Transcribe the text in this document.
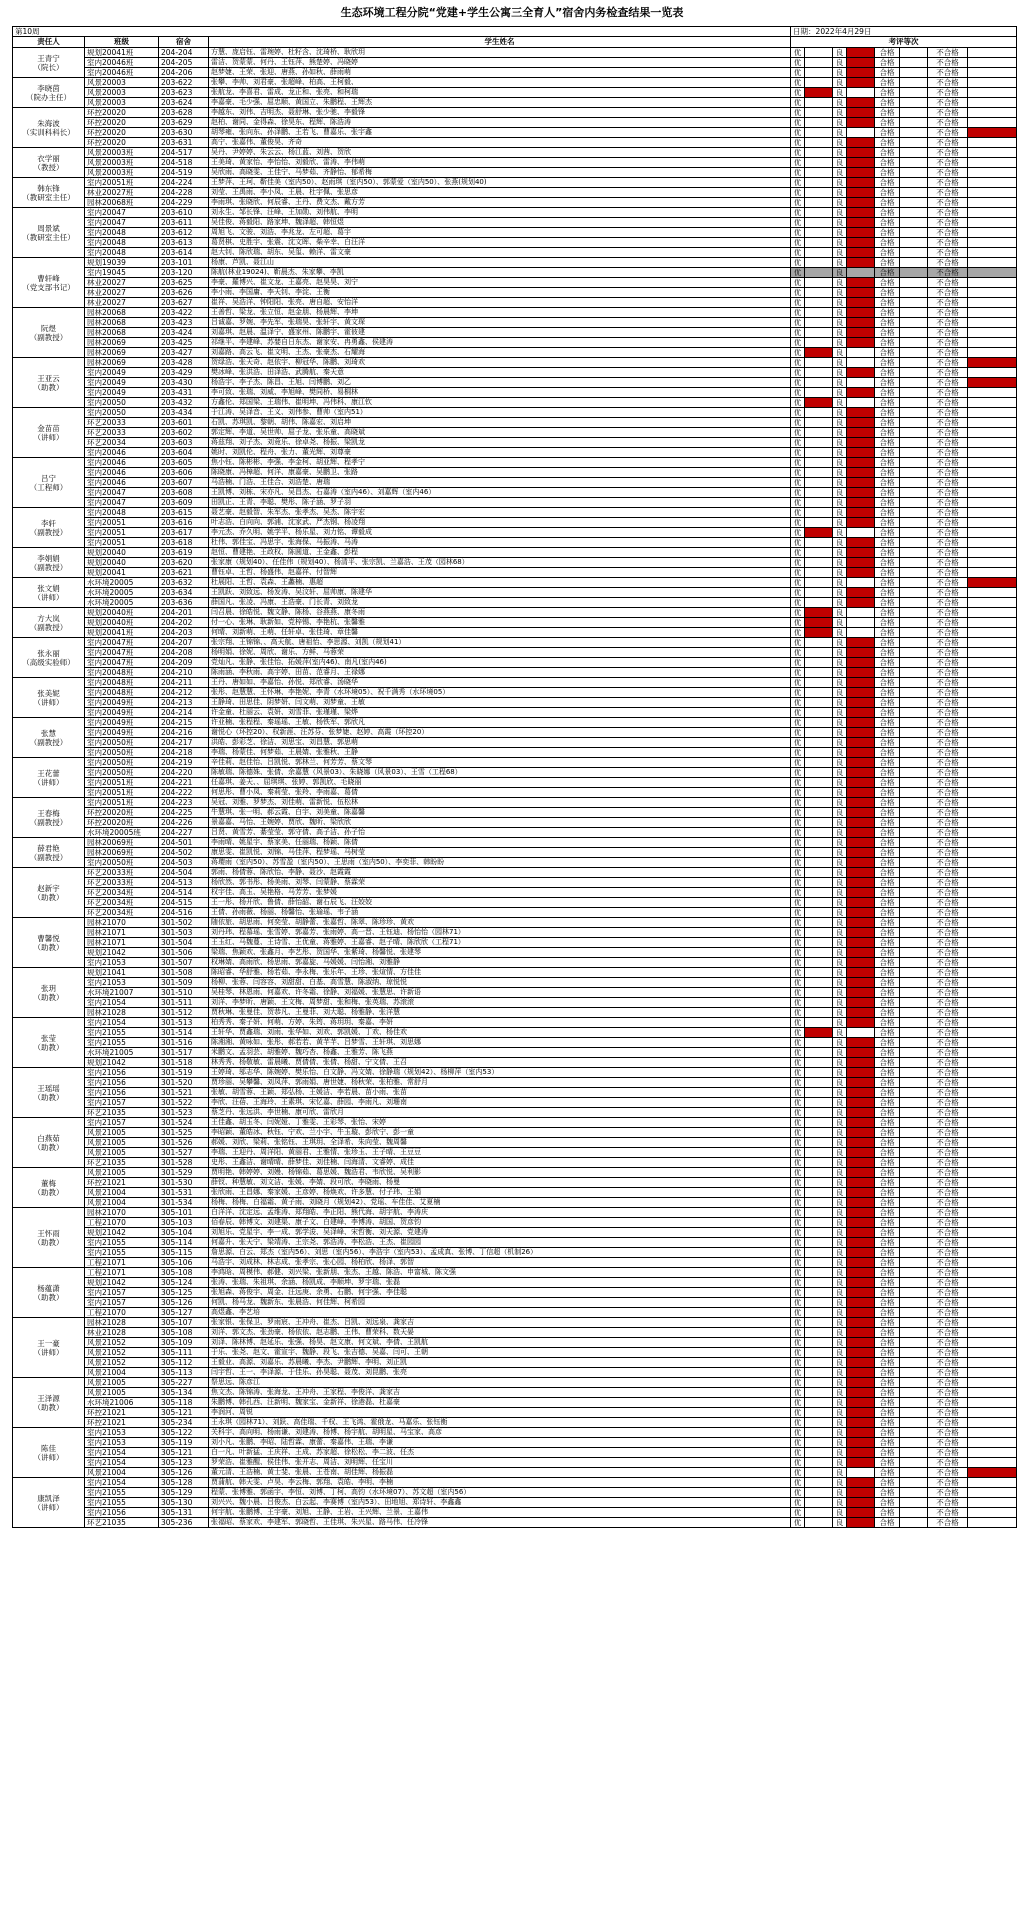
生态环境工程分院“党建+学生公寓三全育人”宿舍内务检查结果一览表
第10周				日期：2022年4月29日								
责任人	班级	宿舍	学生姓名	考评等次	
王青宁
（院长）	规划20041班	204-204	方慧、庞启钰、雷琬婷、杜籽含、沈琦桥、耿欣玥	优		良		合格		不合格		
	室内20046班	204-205	雷洁、贺蒙蒙、何丹、王钰萍、熊楚婷、冯晓婷	优		良		合格		不合格		
	室内20046班	204-206	赵梦婕、王荣、张迎、唐燕、孙如秋、薛雨萌	优		良		合格		不合格		
李晓茵
（院办主任）	风景20003	203-622	张攀、李帅、刘君豪、张超峰、柏高、王柯毅、	优		良		合格		不合格		
	风景20003	203-623	张航龙、李喜君、雷成、龙正和、张亮、和柯瑞	优		良		合格		不合格		
	风景20003	203-624	李嘉豪、毛少强、屈忠顺、黄国立、朱鹏程、王辉杰	优		良		合格		不合格		
朱海波
（实训科科长）	环控20020	203-628	李越东、刘伟、吉明杰、聂舒琳、张少驰、李毅锋	优		良		合格		不合格		
	环控20020	203-629	赵柏、谢同、金得森、徐昊东、程辉、陈浩涛	优		良		合格		不合格		
	环控20020	203-630	胡琴雍、张向东、孙泽鹏、王若飞、曹嘉乐、张宇鑫	优		良		合格		不合格		
	环控20020	203-631	高宁、张嘉伟、董俊昊、齐奇	优		良		合格		不合格		
衣学丽
（教授）	风景20003班	204-517	吴丹、尹婷婷、朱云云、杨江蓝、刘茜、贺欣	优		良		合格		不合格		
	风景20003班	204-518	王美琦、黄家怡、李怡怡、刘毅欣、雷涛、李伟萌	优		良		合格		不合格		
	风景20003班	204-519	吴欣雨、高晓雯、王佳宁、马梦茹、齐静怡、郁希梅	优		良		合格		不合格		
韩东锋
（教研室主任）	室内20051班	204-224	王梦萍、王珂、靳佳美（室内50）、赵雨琪（室内50）、郭蒙爱（室内50）、张燕(规划40)	优		良		合格		不合格		
	林业20027班	204-228	刘莹、王禹雨、李小凤、王晨、杜宇佩、张思彦	优		良		合格		不合格		
	园林20068班	204-229	李雨琪、张晓欣、何辰睿、王丹、费文杰、戴方芳	优		良		合格		不合格		
周景斌
（教研室主任）	室内20047	203-610	刘永生、邹长锋、汪峰、王加勋、刘伟航、李明	优		良		合格		不合格		
	室内20047	203-611	吴佳俊、蒋毅阳、路家坤、魏泽超、韩恒煜	优		良		合格		不合格		
	室内20048	203-612	周旭飞、文骏、刘浩、李兆龙、左可超、葛宇	优		良		合格		不合格		
	室内20048	203-613	葛贤棋、史胜宇、张震、沈文晖、柴辛幸、白汪洋	优		良		合格		不合格		
	室内20048	203-614	赵大钊、陈欣瑞、胡东、吴玺、赖洋、雷文豪	优		良		合格		不合格		
曹轩峰
（党支部书记）	规划19039	203-101	杨康、芦凯、聂江山	优		良		合格		不合格		
	室内19045	203-120	陈航(林业19024)、靳晨杰、朱家攀、李凯	优		良		合格		不合格		
	林业20027	203-625	李豪、羅博兴、崔文龙、王嘉亮、赵昊昊、刘宁	优		良		合格		不合格		
	林业20027	203-626	李小雨、李国庸、李天钊、李淀、王衡	优		良		合格		不合格		
	林业20027	203-627	崔祥、吴浩洋、钟阳阳、张亮、唐自超、安怡洋	优		良		合格		不合格		
阮煜
（副教授）	园林20068	203-422	王善哲、梁龙、张立恒、赵金朋、杨晨辉、李坤	优		良		合格		不合格		
	园林20068	203-423	吕诚嘉、罗婉、李先军、张瑞昊、张轩宇、黄文琛	优		良		合格		不合格		
	园林20068	203-424	刘嘉琪、赵晨、温泽宁、盛家州、陈鹏宇、霍彼建	优		良		合格		不合格		
	园林20069	203-425	祁继平、李建峰、苏婪自日东杰、谢家安、冉勇鑫、侯建涛	优		良		合格		不合格		
	园林20069	203-427	刘嘉路、高云飞、崔文明、王杰、张豪杰、石耀海	优		良		合格		不合格		
王亚云
（助教）	园林20069	203-428	贺绿浩、张天奇、赵依宇、柳冠华、陈鹏、刘琦欢	优		良		合格		不合格		
	室内20049	203-429	樊冰峰、张洪浩、田泽浩、武腾航、秦天意	优		良		合格		不合格		
	室内20049	203-430	杨浩宇、李子杰、陈昌、王旭、闫博鹏、刘乙	优		良		合格		不合格		
	室内20049	203-431	李可致、张瑞、刘威、李旭峰、樊同桥、易桐林	优		良		合格		不合格		
	室内20050	203-432	方鑫伦、郑国梁、王瑞伟、崔明坤、冯伟科、康江钦	优		良		合格		不合格		
金苗苗
（讲师）	室内20050	203-434	于江涛、吴泽音、王义、刘伟参、曹帅（室内51）	优		良		合格		不合格		
	环艺20033	203-601	石凯、苏琪凯、黎朝、胡伟、陈嘉宏、刘启坤	优		良		合格		不合格		
	环艺20033	203-602	郭定辉、李道、吴世帅、屈子龙、张乐童、高晓斌	优		良		合格		不合格		
	环艺20034	203-603	蒋兹翔、刘子杰、刘竟乐、徐卓尧、杨振、梁凯龙	优		良		合格		不合格		
	室内20046	203-604	姚时、刘凯伦、程舟、张力、董光辉、刘尊豪	优		良		合格		不合格		
吕宁
（工程师）	室内20046	203-605	焦小钰、陈彬彬、李强、李金柯、胡亚辉、程孝宁	优		良		合格		不合格		
	室内20046	203-606	陈晓康、冯樟超、何洋、康嘉豪、吴鹏卫、张路	优		良		合格		不合格		
	室内20046	203-607	马浩楠、门浩、王佳合、刘浩楚、唐瑞	优		良		合格		不合格		
	室内20047	203-608	王凯博、刘栋、宋亦凡、吴昌杰、石嘉涛（室内46）、刘嘉辉（室内46）	优		良		合格		不合格		
	室内20047	203-609	田凯正、王青、李聪、樊彤、陈子涵、罗子羽	优		良		合格		不合格		
李轩
（副教授）	室内20048	203-615	聂艺豪、赵毅智、朱军杰、张孝杰、吴杰、陈宇宏	优		良		合格		不合格		
	室内20051	203-616	叶志浩、白向向、郭浦、沈家武、严杰钢、杨凌翔	优		良		合格		不合格		
	室内20051	203-617	李元杰、乔久明、姚学平、杨乐星、刘力铭、谭毅成	优		良		合格		不合格		
	室内20051	203-618	杜伟、郭佳宝、冯思宇、张海保、马振涛、马涛	优		良		合格		不合格		
李娟娟
（副教授）	规划20040	203-619	赵恒、曹建艳、王政权、陈圆道、王金鑫、彭程	优		良		合格		不合格		
	规划20040	203-620	张家康（规划40）、任佳伟（规划40）、杨清平、张宗凯、兰嘉浩、王茂（园林68）	优		良		合格		不合格		
	规划20041	203-621	曹钰卓、王哲、杨盛伟、赵嘉祥、付智辉	优		良		合格		不合格		
张文娟
（讲师）	水环境20005	203-632	杜展阳、王哲、袁森、王蠡楠、惠超	优		良		合格		不合格		
	水环境20005	203-634	王凯跃、刘致远、杨发涛、吴汶轩、屈帅康、陈建华	优		良		合格		不合格		
	水环境20005	203-636	薛国凡、张凌、冯康、王浩豪、门长青、刘致龙	优		良		合格		不合格		
方大岚
（副教授）	规划20040班	204-201	闫召晨、徐皓悦、魏文静、陈杨、谷燕燕、康冬雨	优		良		合格		不合格		
	规划20040班	204-202	付一心、张琳、耿新如、党梓锡、李艳杭、张馨雅	优		良		合格		不合格		
	规划20041班	204-203	何晴、刘新萌、王萌、任轩卓、张佳琦、章佳馨	优		良		合格		不合格		
张永丽
（高级实验师）	室内20047班	204-207	张宗翔、王锦锦、、高天航、唐祖怡、李思源、刘凯（规划41）	优		良		合格		不合格		
	室内20047班	204-208	杨明娟、徐妮、周欣、谢乐、方鲜、马蓉荣	优		良		合格		不合格		
	室内20047班	204-209	党灿凡、张静、张佳怡、拓媛萍(室内46)、南凡(室内46)	优		良		合格		不合格		
	室内20048班	204-210	陈雨涵、李秋雨、高宇婷、田苗、范睿月、王禄娜	优		良		合格		不合格		
张美妮
（讲师）	室内20048班	204-211	王丹、唐如如、李嘉怡、孙悦、郑欣睿、汤晓华	优		良		合格		不合格		
	室内20048班	204-212	张彤、赵慧慧、王怀琳、李艳妮、李青（水环境05）、祝千满秀（水环境05）	优		良		合格		不合格		
	室内20049班	204-213	王静琦、田思佳、阴梦妍、闫文萌、刘梦童、王敏	优		良		合格		不合格		
	室内20049班	204-214	许金童、杜丽云、袁妍、刘雪菲、张瑾瑾、梁烨	优		良		合格		不合格		
张慧
（副教授）	室内20049班	204-215	许亚楠、张程程、秦瑶瑶、王敏、杨铁军、郭欣凡	优		良		合格		不合格		
	室内20049班	204-216	谢悦心（环控20）、权新涯、汪苏芬、张梦婕、赵婷、高霞（环控20）	优		良		合格		不合格		
	室内20050班	204-217	洪皓、彭彩芝、徐洁、刘思宝、刘昌慧、郭思萌	优		良		合格		不合格		
	室内20050班	204-218	李瑞、杨蒙佳、何梦茹、王晨婧、张雅秋、王静	优		良		合格		不合格		
王花蕾
（讲师）	室内20050班	204-219	辛佳莉、赵佳怡、吕凯悦、郭林兰、何芳芳、蔡文琴	优		良		合格		不合格		
	室内20050班	204-220	陈敏瑞、陈德姝、张倩、余嘉慧（风景03）、朱晓娜（风景03）、王雪（工程68）	优		良		合格		不合格		
	室内20051班	204-221	任嘉琪、姜天、、屈琪琪、张婷、郭凯欣、毛晓丽	优		良		合格		不合格		
	室内20051班	204-222	何思彤、曹小凤、秦莉莹、张羚、李雨嘉、葛倩	优		良		合格		不合格		
王春梅
（副教授）	室内20051班	204-223	吴冠、刘雅、罗梦杰、刘佳萌、雷新悦、伍松林	优		良		合格		不合格		
	环控20020班	204-225	牛慧琪、张一明、郝云霞、白宇、刘美童、陈嘉馨	优		良		合格		不合格		
	环控20020班	204-226	景嘉嘉、马怡、王婉婷、贾欣、魏昕、梁欣欣	优		良		合格		不合格		
	水环境20005班	204-227	吕贤、黄雪芳、綦莹莹、郭守倩、高子洁、孙子怡	优		良		合格		不合格		
薛君艳
（副教授）	园林20069班	204-501	李雨晴、姚星宇、蔡家美、任丽瑞、杨颖、陈倩	优		良		合格		不合格		
	园林20069班	204-502	康思雯、崔凯悦、刘锦、马佳萍、程梦瑶、马树莹	优		良		合格		不合格		
	室内20050班	204-503	蒋璎雨（室内50）、苏雪盈（室内50）、王思雨（室内50）、李奕菲、韩盼盼	优		良		合格		不合格		
赵新宇
（助教）	环艺20033班	204-504	郭雨、杨倩蓉、陈欣怡、李静、聂沙、赵霞霞	优		良		合格		不合格		
	环艺20033班	204-513	杨欣然、郭书彤、杨美雨、刘琴、闫蒙静、蔡霖荣	优		良		合格		不合格		
	环艺20034班	204-514	权宇佳、高玉、吴艳格、马芳芳、张梦媛	优		良		合格		不合格		
	环艺20034班	204-515	王一彤、杨开欣、鲁倩、薛怡韶、谢石辰飞、汪姣姣	优		良		合格		不合格		
	环艺20034班	204-516	王倩、孙雨薇、杨丽、杨馨怡、张瑜瑶、韦子涵	优		良		合格		不合格		
曹馨悦
（助教）	园林21070	301-502	随依旅、胡思雨、何奕莹、胡静蕾、张嘉哲、陈翠、陈珍珍、黄欢	优		良		合格		不合格		
	园林21071	301-503	刘丹玮、程慕瑶、张雪婷、郭嘉芳、张雨婷、高一晋、王钰迪、杨怡怡（园林71）	优		良		合格		不合格		
	园林21071	301-504	王玉红、马魏蔓、王诗雪、王优童、蒋雅婷、王嘉睿、赵子晴、陈欣欣（工程71）	优		良		合格		不合格		
	规划21042	301-506	梁瑞、焦颖欢、张鑫月、李艺彤、贺国华、张紫琦、杨馨悦、张建琴	优		良		合格		不合格		
	室内21053	301-507	权琳婧、高雨欣、杨思雨、郭嘉旋、马媛媛、闫怡湘、刘雅静	优		良		合格		不合格		
张玥
（助教）	规划21041	301-508	陈昭睿、华舒雅、杨若茹、李永梅、张乐年、王珍、张煊情、方佳佳	优		良		合格		不合格		
	室内21053	301-509	杨柳、张蓉、闫容容、刘甜甜、白基、高雪慧、陈淑纳、琼悦悦	优		良		合格		不合格		
	水环境21007	301-510	吴桂琴、林恩雨、何嘉欢、许冬霜、徐静、刘福媛、张慧思、许新语	优		良		合格		不合格		
	室内21054	301-511	刘洋、李梦昕、唐颖、王文梅、周梦甜、张和梅、张英瑞、苏滚滚	优		良		合格		不合格		
	园林21028	301-512	贾秋琳、张曼佳、贺恭凡、王曼菲、刘大聪、杨雅静、张洋慧	优		良		合格		不合格		
张莹
（助教）	室内21054	301-513	柏秀秀、秦子妍、何萌、方婷、朱筠、蒋玥玥、秦嘉、李妍	优		良		合格		不合格		
	室内21055	301-514	王轩华、贾鑫瑞、刘雨、张华如、刘欢、郭凯媛、丁欢、杨佳欢	优		良		合格		不合格		
	室内21055	301-516	陈湘湘、黄咏如、张彤、郝若若、黄芊芊、吕梦雪、王轩琪、刘思娜	优		良		合格		不合格		
	水环境21005	301-517	米鹏文、孟羽芸、胡雅婷、魏巧杏、杨鑫、王雅芳、陈飞燕	优		良		合格		不合格		
	规划21042	301-518	林秀秀、杨敬敏、雷晨曦、贾倩倩、张倩、杨甜、宁文倩、王召	优		良		合格		不合格		
王瑶瑶
（助教）	室内21056	301-519	王婷琦、邬志华、陈婉婷、樊乐怡、白文静、冯文婧、徐静瑞（规划42）、杨柳萍（室内53）	优		良		合格		不合格		
	室内21056	301-520	贾珍丽、吴攀馨、刘凤萍、郭雨娟、唐世婕、杨秋荣、张柏雅、常舒月	优		良		合格		不合格		
	室内21056	301-521	张敏、胡雪蓉、王颖、郑弘杨、王媛洁、李若晨、苗小雨、张苗	优		良		合格		不合格		
	室内21057	301-522	李欣、汪蓓、王海玲、王素琪、宋忆嘉、薛园、李雨凡、刘珊南	优		良		合格		不合格		
	环艺21035	301-523	蔡芝丹、张远洪、李世楠、康可欣、雷欣月	优		良		合格		不合格		
白燕茹
（助教）	室内21057	301-524	王佳鑫、胡玉冬、闫妮娅、丁雅雯、王彩琴、张怡、宋婷	优		良		合格		不合格		
	风景21005	301-525	李昭颖、董皓冰、秋钰、宁欢、兰小宇、牛玉璇、彭欣宁、彭一童	优		良		合格		不合格		
	风景21005	301-526	郝媛、刘欣、梁莉、张铭钰、王琪玥、全泽希、朱向莹、魏周馨	优		良		合格		不合格		
	风景21005	301-527	李瑞、王迎丹、周洋阳、黄丽君、王雅情、张珍玉、王子晴、王豆豆	优		良		合格		不合格		
	环艺21035	301-528	史彤、王鑫洁、谢晴晴、薛梦佳、刘佳楠、闫海清、文睿婷、成佳	优		良		合格		不合格		
董梅
（助教）	风景21005	301-529	贾明艳、韩婷婷、刘嫚、杨锦茹、葛思媛、魏浩君、韦欣悦、吴利影	优		良		合格		不合格		
	环控21021	301-530	薛钗、种慧敏、刘文洁、张媛、李婧、段可欣、李晓雨、杨曼	优		良		合格		不合格		
	风景21004	301-531	张欣雨、王昌娜、秦家媛、王彦婷、杨焕欢、许多慧、付子玮、王娟	优		良		合格		不合格		
	风景21004	301-534	杨梅、杨梅、白福霜、黄子雨、刘晓月（规划42）、党瑶、车佳佳、艾夏楠	优		良		合格		不合格		
王怀雨
（助教）	园林21070	305-101	白洋洋、沈定远、孟维涛、郑翔皓、李正阳、熊代海、胡宇航、李涛庆	优		良		合格		不合格		
	工程21070	305-103	佰春辰、韩博文、刘建渠、康子文、白建峰、李博涛、胡国、贺彦钧	优		良		合格		不合格		
	规划21042	305-104	刘旭乐、党星宇、李一成、郭学浚、吴泽峰、宋哲衡、刘天源、党建涛	优		良		合格		不合格		
	室内21055	305-114	何嘉升、张天宁、梁靖涛、王宗尧、郭浩涛、李松浩、王杰、崔园园	优		良		合格		不合格		
	室内21055	305-115	詹思源、白云、郑杰（室内56）、刘思（室内56）、李浩宇（室内53）、孟成真、张博、丁信超（机制26）	优		良		合格		不合格		
	工程21071	305-106	马浩宇、刘成林、林志成、张孝宗、张心园、杨柏欣、杨泽、郭智	优		良		合格		不合格		
杨蕴潇
（助教）	工程21071	305-108	李鸿晗、周模伟、郝健、刘兴梁、张新朋、张杰、王越、陈浩、申富城、陈文强	优		良		合格		不合格		
	规划21042	305-124	张涛、张瑞、朱祖琪、余涵、杨凯成、李顺坤、罗宇瑞、张磊	优		良		合格		不合格		
	室内21057	305-125	张旭森、蒋俊宇、周金、汪远庚、余勇、石鹏、何宇强、李佳聪	优		良		合格		不合格		
	室内21057	305-126	何凯、杨马龙、魏新东、张晨浩、何佳辉、柯希园	优		良		合格		不合格		
	工程21070	305-127	高煜鑫、李艺培	优		良		合格		不合格		
王一豪
（讲师）	园林21028	305-107	张家银、张保卫、罗雨宸、王冲舟、崔杰、吕凯、刘远泉、龚家吉	优		良		合格		不合格		
	林业21028	305-108	刘洋、郭文杰、张劲豪、杨依依、赵志鹏、王伟、曹荣科、数天晏	优		良		合格		不合格		
	风景21052	305-109	刘泽、陈林博、赵延乐、张强、杨昊、赵文康、何文斌、李倩、王凯航	优		良		合格		不合格		
	风景21052	305-111	于乐、张尧、赵文、霍宣宇、魏静、段飞、张吉德、吴嘉、闫可、王朝	优		良		合格		不合格		
	风景21052	305-112	王毅业、高源、刘嘉乐、苏晨曦、李杰、尹鹏辉、李明、刘正凯	优		良		合格		不合格		
	风景21004	305-113	闫宇哲、王一、李泽源、于佳乐、孙昊聪、聂茂、刘昆鹏、张亮	优		良		合格		不合格		
王泽源
（助教）	风景21005	305-227	祭思远、陈彦江	优		良		合格		不合格		
	风景21005	305-134	焦文杰、陈锦涛、张海龙、王冲舟、王家程、李俊洋、龚家吉	优		良		合格		不合格		
	水环境21006	305-118	朱鹏博、韩孔西、汪新明、魏家宝、金新祥、徐港磊、杜嘉豪	优		良		合格		不合格		
	环控21021	305-121	李润河、周锐	优		良		合格		不合格		
	环控21021	305-234	王永琪（园林71）、刘跃、高佳瑞、千权、王飞鸿、霍俄龙、马嘉乐、张钰衡	优		良		合格		不合格		
陈佳
（讲师）	室内21053	305-122	关科宇、高向明、杨雨谦、刘建涛、杨博、杨宇航、胡明星、马宝家、高彦	优		良		合格		不合格		
	室内21053	305-119	刘小凡、张鹏、李昭、陆哲霖、康蕾、秦嘉伟、王瑞、李谦	优		良		合格		不合格		
	室内21054	305-121	白一凡、叶新猛、王庆祥、王成、苏家超、徐松松、李二波、任杰	优		良		合格		不合格		
	室内21054	305-123	罗荣浩、崔雅醒、侯佳伟、张开志、周洁、刘明辉、任宝川	优		良		合格		不合格		
	风景21004	305-126	董元清、王浩楠、黄士斐、张晨、王苍南、胡佳辉、杨振磊	优		良		合格		不合格		
康凯泽
（讲师）	室内21054	305-128	贾蒲航、韩天雯、卢昊、李云梅、郭翔、袁皓、李明、李楠	优		良		合格		不合格		
	室内21055	305-129	程蒙、张博雅、郭函宇、李恒、刘博、丁柯、高钧（水环境07）、苏文超（室内56）	优		良		合格		不合格		
	室内21055	305-130	刘兴兴、魏小晨、吕俊杰、白云起、李赛博（室内53）、田地旭、郑诗轩、李鑫鑫	优		良		合格		不合格		
	室内21056	305-131	何宇航、张鹏博、王宇豪、刘旭、王静、王岩、王兴辉、兰景、王嘉伟	优		良		合格		不合格		
	环艺21035	305-236	张福昭、蔡家欢、李建军、郭晓哲、王佳琪、朱兴星、路马伟、任冷锋	优		良		合格		不合格		
